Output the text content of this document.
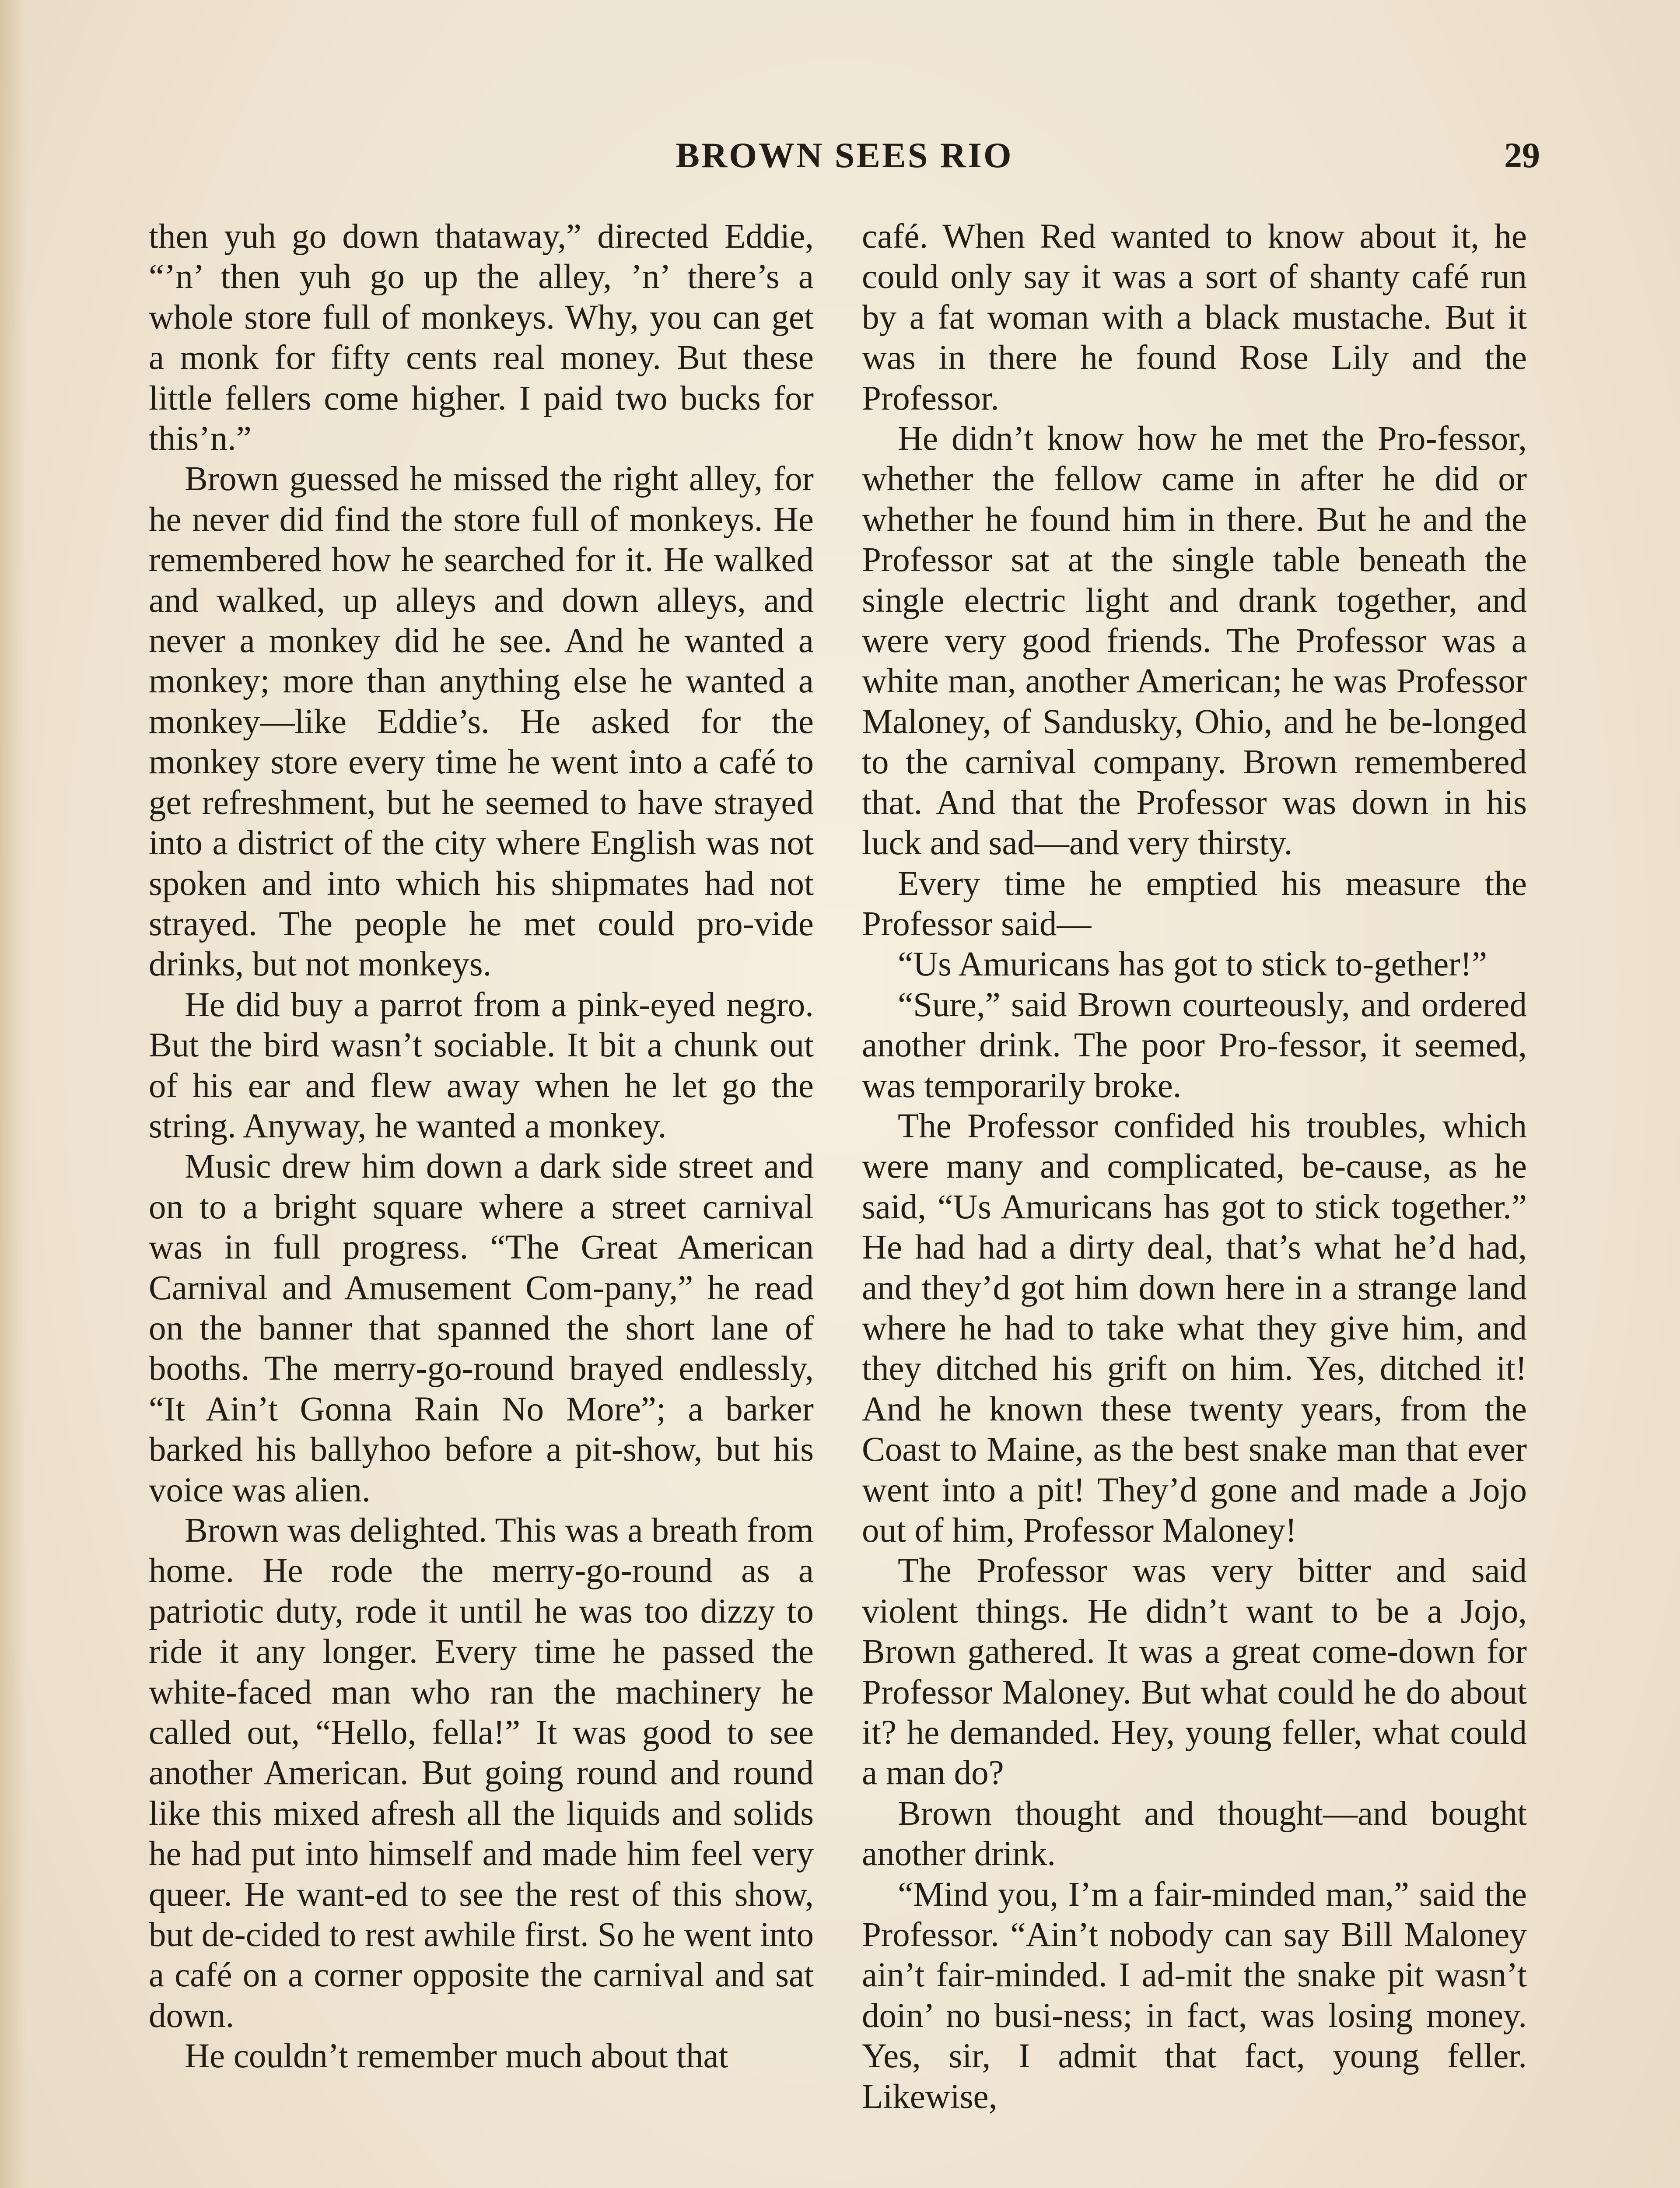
BROWN SEES RIO	29

then yuh go down thataway,” directed Eddie, “’n’ then yuh go up the alley, ’n’ there’s a whole store full of monkeys. Why, you can get a monk for fifty cents real money. But these little fellers come higher. I paid two bucks for this’n.”

Brown guessed he missed the right alley, for he never did find the store full of monkeys. He remembered how he searched for it. He walked and walked, up alleys and down alleys, and never a monkey did he see. And he wanted a monkey; more than anything else he wanted a monkey—like Eddie’s. He asked for the monkey store every time he went into a café to get refreshment, but he seemed to have strayed into a district of the city where English was not spoken and into which his shipmates had not strayed. The people he met could pro-vide drinks, but not monkeys.

He did buy a parrot from a pink-eyed negro. But the bird wasn’t sociable. It bit a chunk out of his ear and flew away when he let go the string. Anyway, he wanted a monkey.

Music drew him down a dark side street and on to a bright square where a street carnival was in full progress. “The Great American Carnival and Amusement Com-pany,” he read on the banner that spanned the short lane of booths. The merry-go-round brayed endlessly, “It Ain’t Gonna Rain No More”; a barker barked his ballyhoo before a pit-show, but his voice was alien.

Brown was delighted. This was a breath from home. He rode the merry-go-round as a patriotic duty, rode it until he was too dizzy to ride it any longer. Every time he passed the white-faced man who ran the machinery he called out, “Hello, fella!” It was good to see another American. But going round and round like this mixed afresh all the liquids and solids he had put into himself and made him feel very queer. He want-ed to see the rest of this show, but de-cided to rest awhile first. So he went into a café on a corner opposite the carnival and sat down.

He couldn’t remember much about that

café. When Red wanted to know about it, he could only say it was a sort of shanty café run by a fat woman with a black mustache. But it was in there he found Rose Lily and the Professor.

He didn’t know how he met the Pro-fessor, whether the fellow came in after he did or whether he found him in there. But he and the Professor sat at the single table beneath the single electric light and drank together, and were very good friends. The Professor was a white man, another American; he was Professor Maloney, of Sandusky, Ohio, and he be-longed to the carnival company. Brown remembered that. And that the Professor was down in his luck and sad—and very thirsty.

Every time he emptied his measure the Professor said—

“Us Amuricans has got to stick to-gether!”

“Sure,” said Brown courteously, and ordered another drink. The poor Pro-fessor, it seemed, was temporarily broke.

The Professor confided his troubles, which were many and complicated, be-cause, as he said, “Us Amuricans has got to stick together.” He had had a dirty deal, that’s what he’d had, and they’d got him down here in a strange land where he had to take what they give him, and they ditched his grift on him. Yes, ditched it! And he known these twenty years, from the Coast to Maine, as the best snake man that ever went into a pit! They’d gone and made a Jojo out of him, Professor Maloney!

The Professor was very bitter and said violent things. He didn’t want to be a Jojo, Brown gathered. It was a great come-down for Professor Maloney. But what could he do about it? he demanded. Hey, young feller, what could a man do?

Brown thought and thought—and bought another drink.

“Mind you, I’m a fair-minded man,” said the Professor. “Ain’t nobody can say Bill Maloney ain’t fair-minded. I ad-mit the snake pit wasn’t doin’ no busi-ness; in fact, was losing money. Yes, sir, I admit that fact, young feller. Likewise,
